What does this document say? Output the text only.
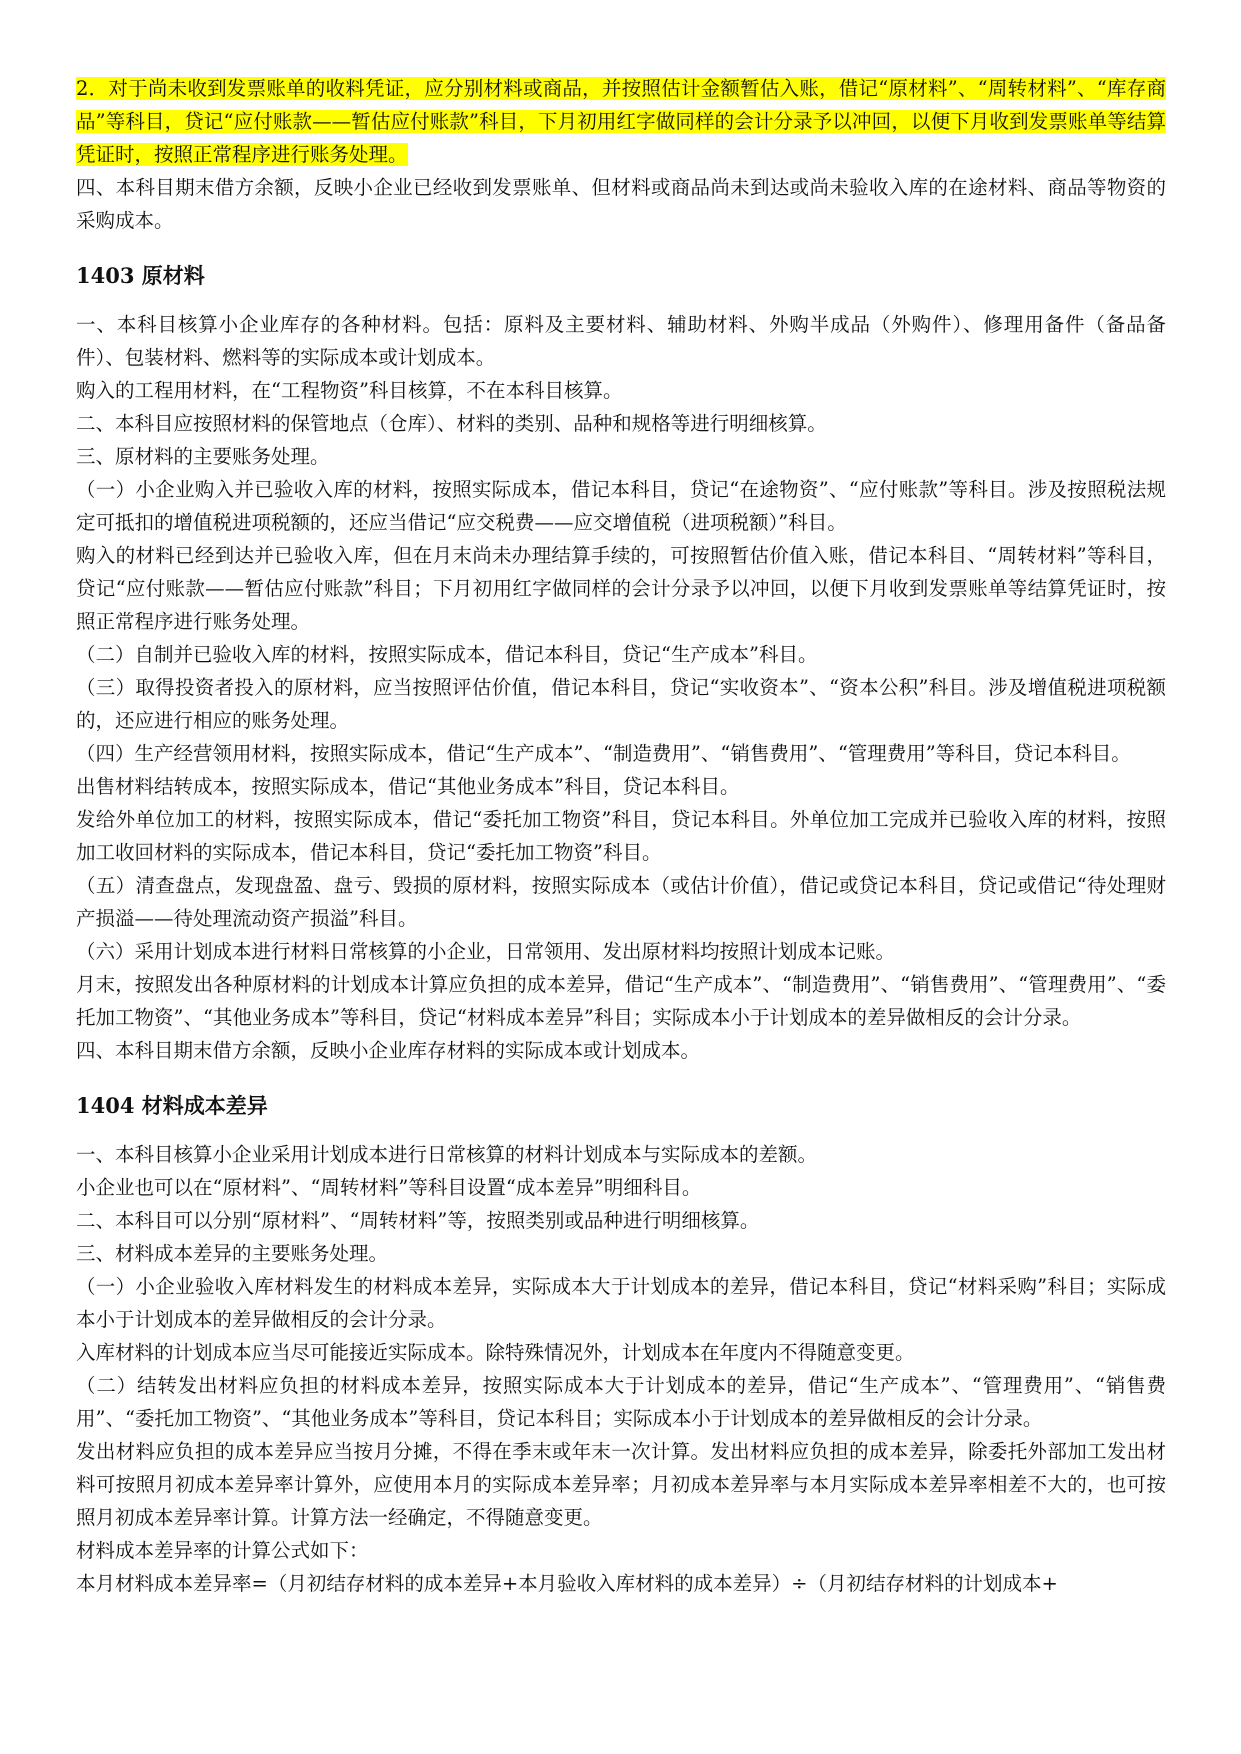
2．对于尚未收到发票账单的收料凭证，应分别材料或商品，并按照估计金额暂估入账，借记“原材料”、“周转材料”、“库存商品”等科目，贷记“应付账款——暂估应付账款”科目，下月初用红字做同样的会计分录予以冲回，以便下月收到发票账单等结算凭证时，按照正常程序进行账务处理。

四、本科目期末借方余额，反映小企业已经收到发票账单、但材料或商品尚未到达或尚未验收入库的在途材料、商品等物资的采购成本。

1403 原材料

一、本科目核算小企业库存的各种材料。包括：原料及主要材料、辅助材料、外购半成品（外购件）、修理用备件（备品备件）、包装材料、燃料等的实际成本或计划成本。

购入的工程用材料，在“工程物资”科目核算，不在本科目核算。

二、本科目应按照材料的保管地点（仓库）、材料的类别、品种和规格等进行明细核算。

三、原材料的主要账务处理。

（一）小企业购入并已验收入库的材料，按照实际成本，借记本科目，贷记“在途物资”、“应付账款”等科目。涉及按照税法规定可抵扣的增值税进项税额的，还应当借记“应交税费——应交增值税（进项税额）”科目。

购入的材料已经到达并已验收入库，但在月末尚未办理结算手续的，可按照暂估价值入账，借记本科目、“周转材料”等科目，贷记“应付账款——暂估应付账款”科目；下月初用红字做同样的会计分录予以冲回，以便下月收到发票账单等结算凭证时，按照正常程序进行账务处理。

（二）自制并已验收入库的材料，按照实际成本，借记本科目，贷记“生产成本”科目。

（三）取得投资者投入的原材料，应当按照评估价值，借记本科目，贷记“实收资本”、“资本公积”科目。涉及增值税进项税额的，还应进行相应的账务处理。

（四）生产经营领用材料，按照实际成本，借记“生产成本”、“制造费用”、“销售费用”、“管理费用”等科目，贷记本科目。

出售材料结转成本，按照实际成本，借记“其他业务成本”科目，贷记本科目。

发给外单位加工的材料，按照实际成本，借记“委托加工物资”科目，贷记本科目。外单位加工完成并已验收入库的材料，按照加工收回材料的实际成本，借记本科目，贷记“委托加工物资”科目。

（五）清查盘点，发现盘盈、盘亏、毁损的原材料，按照实际成本（或估计价值），借记或贷记本科目，贷记或借记“待处理财产损溢——待处理流动资产损溢”科目。

（六）采用计划成本进行材料日常核算的小企业，日常领用、发出原材料均按照计划成本记账。

月末，按照发出各种原材料的计划成本计算应负担的成本差异，借记“生产成本”、“制造费用”、“销售费用”、“管理费用”、“委托加工物资”、“其他业务成本”等科目，贷记“材料成本差异”科目；实际成本小于计划成本的差异做相反的会计分录。

四、本科目期末借方余额，反映小企业库存材料的实际成本或计划成本。

1404 材料成本差异

一、本科目核算小企业采用计划成本进行日常核算的材料计划成本与实际成本的差额。

小企业也可以在“原材料”、“周转材料”等科目设置“成本差异”明细科目。

二、本科目可以分别“原材料”、“周转材料”等，按照类别或品种进行明细核算。

三、材料成本差异的主要账务处理。

（一）小企业验收入库材料发生的材料成本差异，实际成本大于计划成本的差异，借记本科目，贷记“材料采购”科目；实际成本小于计划成本的差异做相反的会计分录。

入库材料的计划成本应当尽可能接近实际成本。除特殊情况外，计划成本在年度内不得随意变更。

（二）结转发出材料应负担的材料成本差异，按照实际成本大于计划成本的差异，借记“生产成本”、“管理费用”、“销售费用”、“委托加工物资”、“其他业务成本”等科目，贷记本科目；实际成本小于计划成本的差异做相反的会计分录。

发出材料应负担的成本差异应当按月分摊，不得在季末或年末一次计算。发出材料应负担的成本差异，除委托外部加工发出材料可按照月初成本差异率计算外，应使用本月的实际成本差异率；月初成本差异率与本月实际成本差异率相差不大的，也可按照月初成本差异率计算。计算方法一经确定，不得随意变更。

材料成本差异率的计算公式如下：

本月材料成本差异率=（月初结存材料的成本差异+本月验收入库材料的成本差异）÷（月初结存材料的计划成本+
